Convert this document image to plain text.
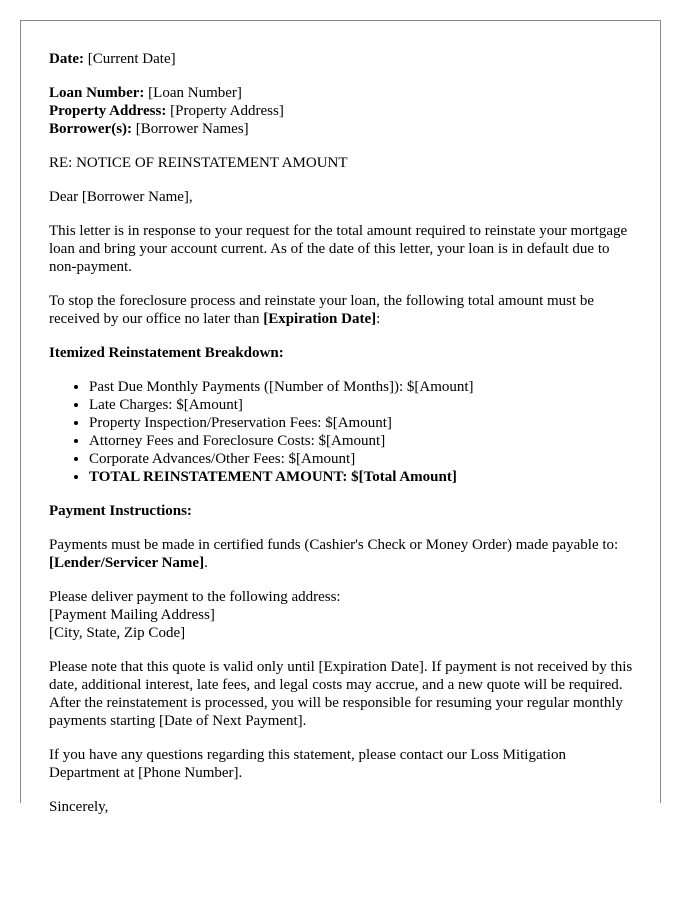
Date: [Current Date]

Loan Number: [Loan Number]
Property Address: [Property Address]
Borrower(s): [Borrower Names]

RE: NOTICE OF REINSTATEMENT AMOUNT

Dear [Borrower Name],

This letter is in response to your request for the total amount required to reinstate your mortgage loan and bring your account current. As of the date of this letter, your loan is in default due to non-payment.

To stop the foreclosure process and reinstate your loan, the following total amount must be received by our office no later than [Expiration Date]:

Itemized Reinstatement Breakdown:

• Past Due Monthly Payments ([Number of Months]): $[Amount]
• Late Charges: $[Amount]
• Property Inspection/Preservation Fees: $[Amount]
• Attorney Fees and Foreclosure Costs: $[Amount]
• Corporate Advances/Other Fees: $[Amount]
• TOTAL REINSTATEMENT AMOUNT: $[Total Amount]

Payment Instructions:

Payments must be made in certified funds (Cashier's Check or Money Order) made payable to: [Lender/Servicer Name].

Please deliver payment to the following address:
[Payment Mailing Address]
[City, State, Zip Code]

Please note that this quote is valid only until [Expiration Date]. If payment is not received by this date, additional interest, late fees, and legal costs may accrue, and a new quote will be required. After the reinstatement is processed, you will be responsible for resuming your regular monthly payments starting [Date of Next Payment].

If you have any questions regarding this statement, please contact our Loss Mitigation Department at [Phone Number].

Sincerely,
